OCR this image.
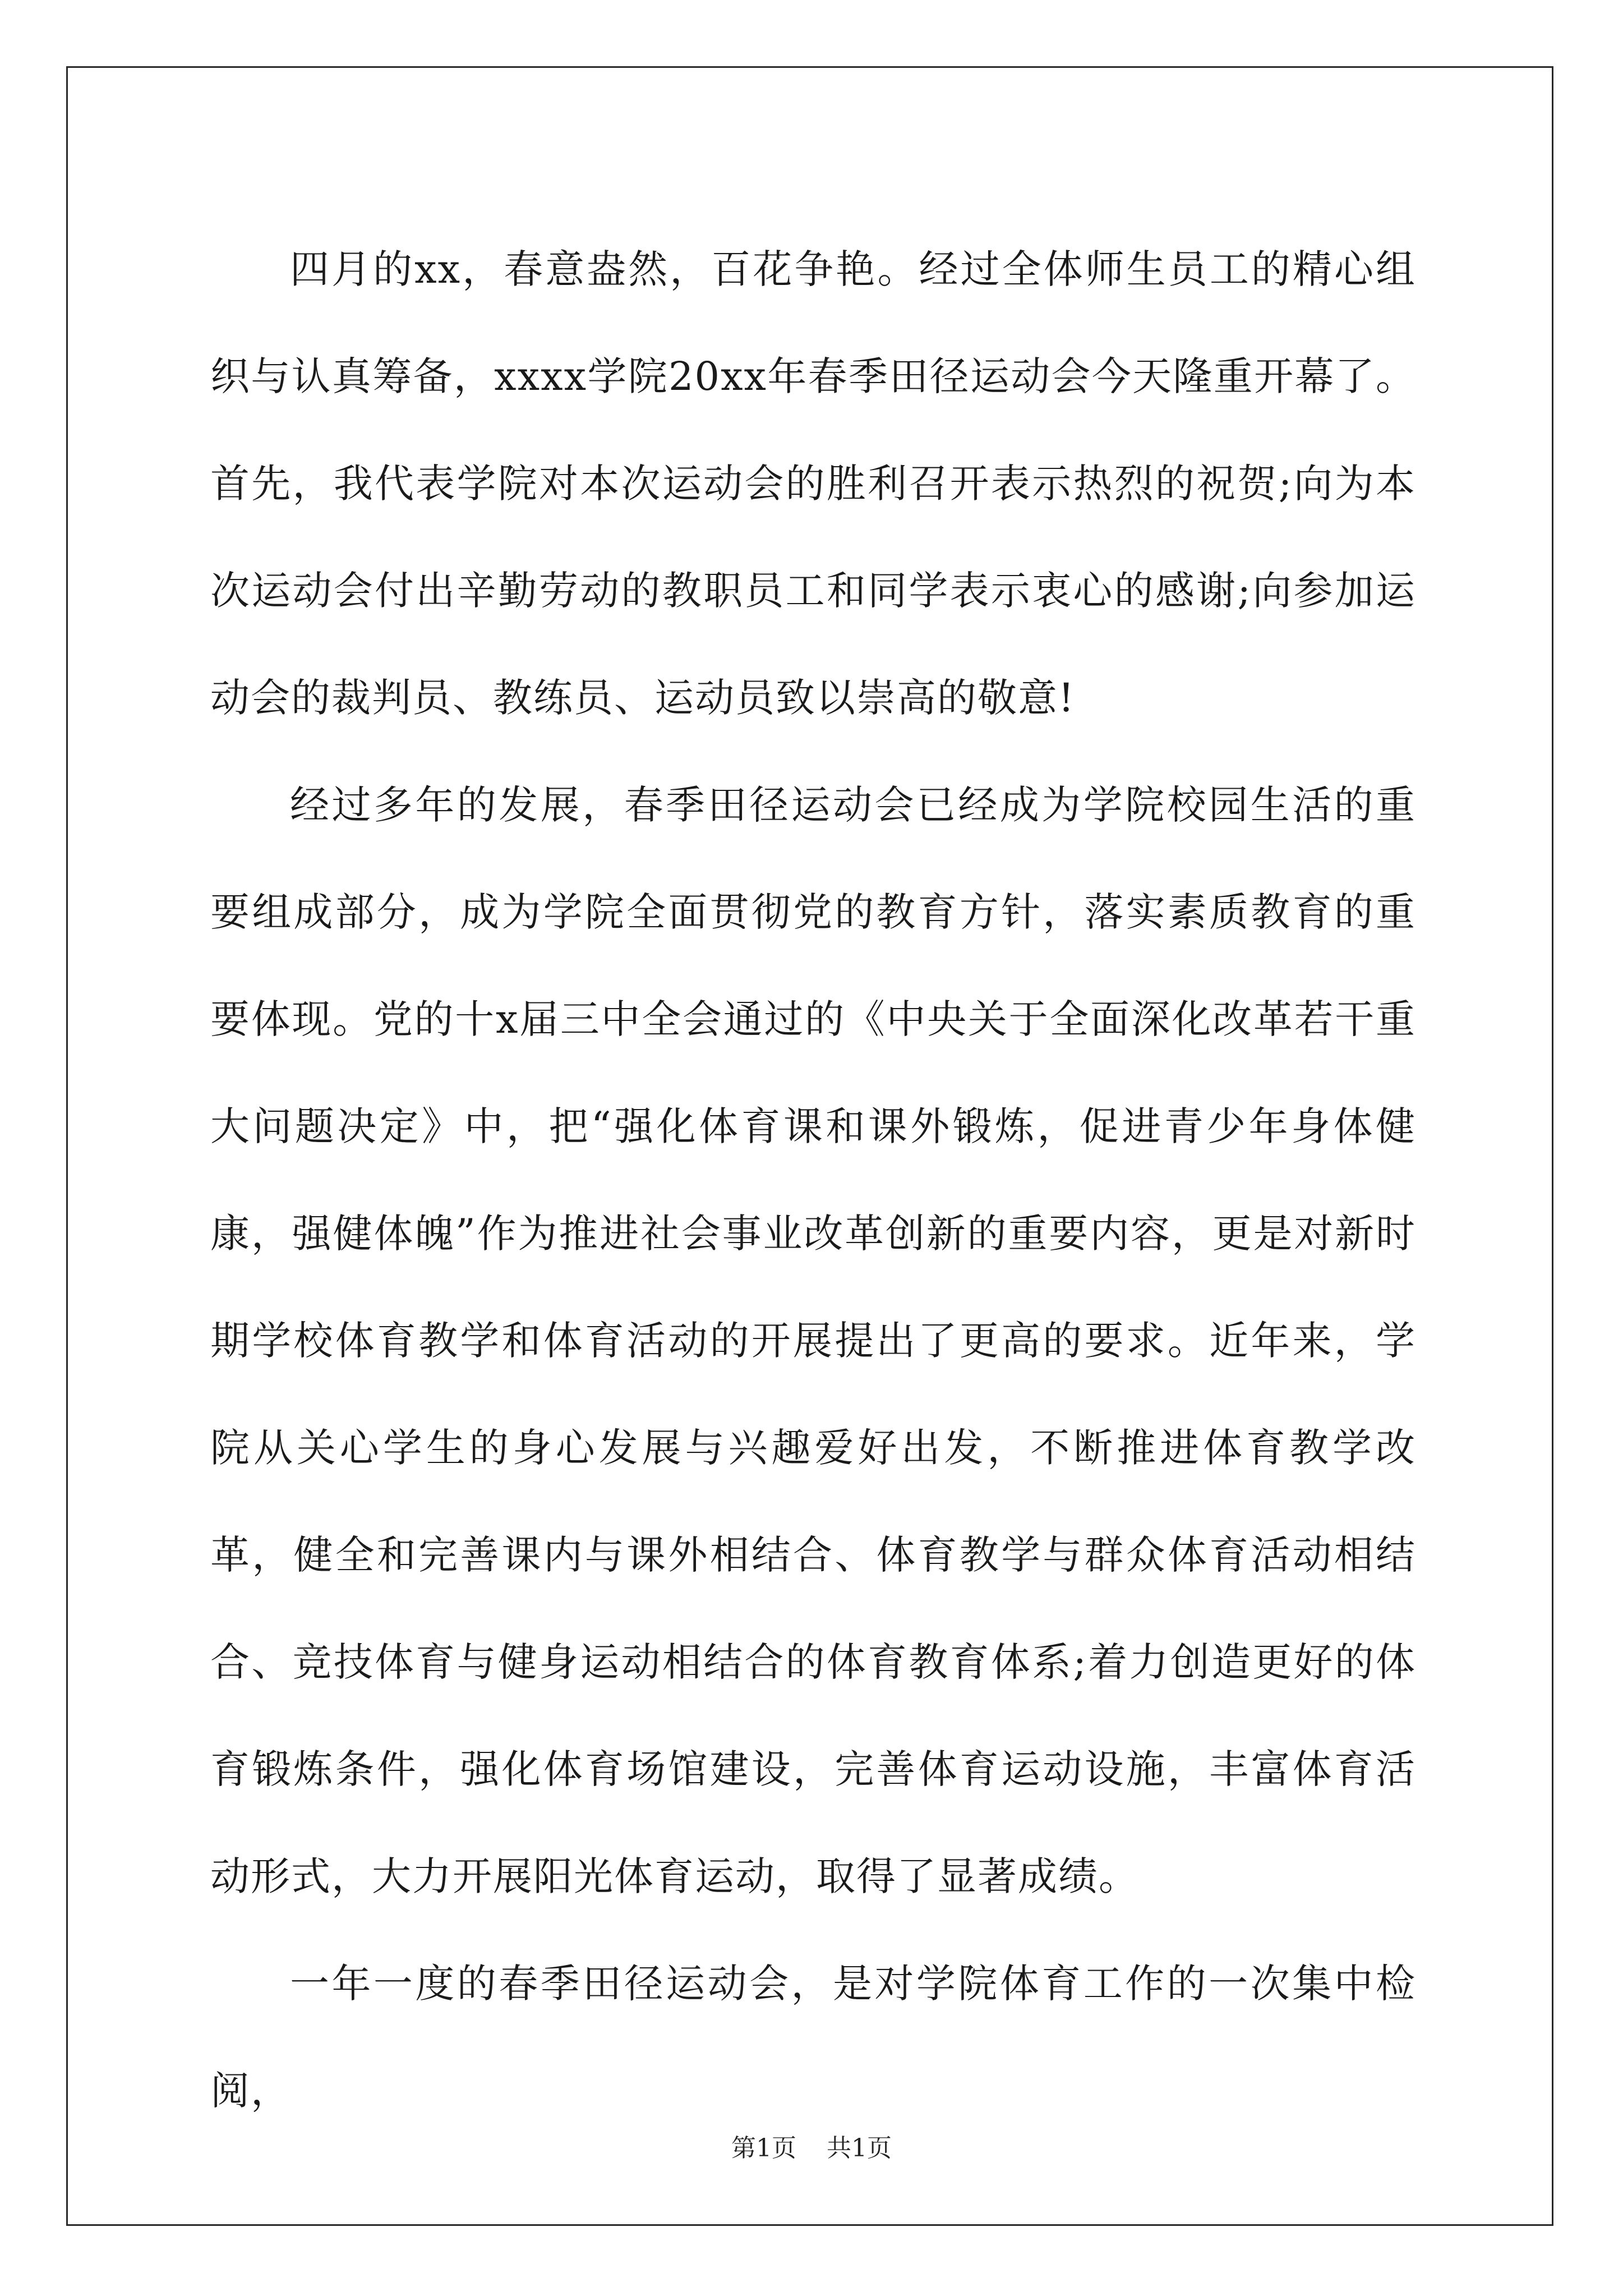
四月的xx，春意盎然，百花争艳。经过全体师生员工的精心组织与认真筹备，xxxx学院20xx年春季田径运动会今天隆重开幕了。首先，我代表学院对本次运动会的胜利召开表示热烈的祝贺;向为本次运动会付出辛勤劳动的教职员工和同学表示衷心的感谢;向参加运动会的裁判员、教练员、运动员致以崇高的敬意!

经过多年的发展，春季田径运动会已经成为学院校园生活的重要组成部分，成为学院全面贯彻党的教育方针，落实素质教育的重要体现。党的十x届三中全会通过的《中央关于全面深化改革若干重大问题决定》中，把“强化体育课和课外锻炼，促进青少年身体健康，强健体魄”作为推进社会事业改革创新的重要内容，更是对新时期学校体育教学和体育活动的开展提出了更高的要求。近年来，学院从关心学生的身心发展与兴趣爱好出发，不断推进体育教学改革，健全和完善课内与课外相结合、体育教学与群众体育活动相结合、竞技体育与健身运动相结合的体育教育体系;着力创造更好的体育锻炼条件，强化体育场馆建设，完善体育运动设施，丰富体育活动形式，大力开展阳光体育运动，取得了显著成绩。

一年一度的春季田径运动会，是对学院体育工作的一次集中检阅，

第1页 共1页
